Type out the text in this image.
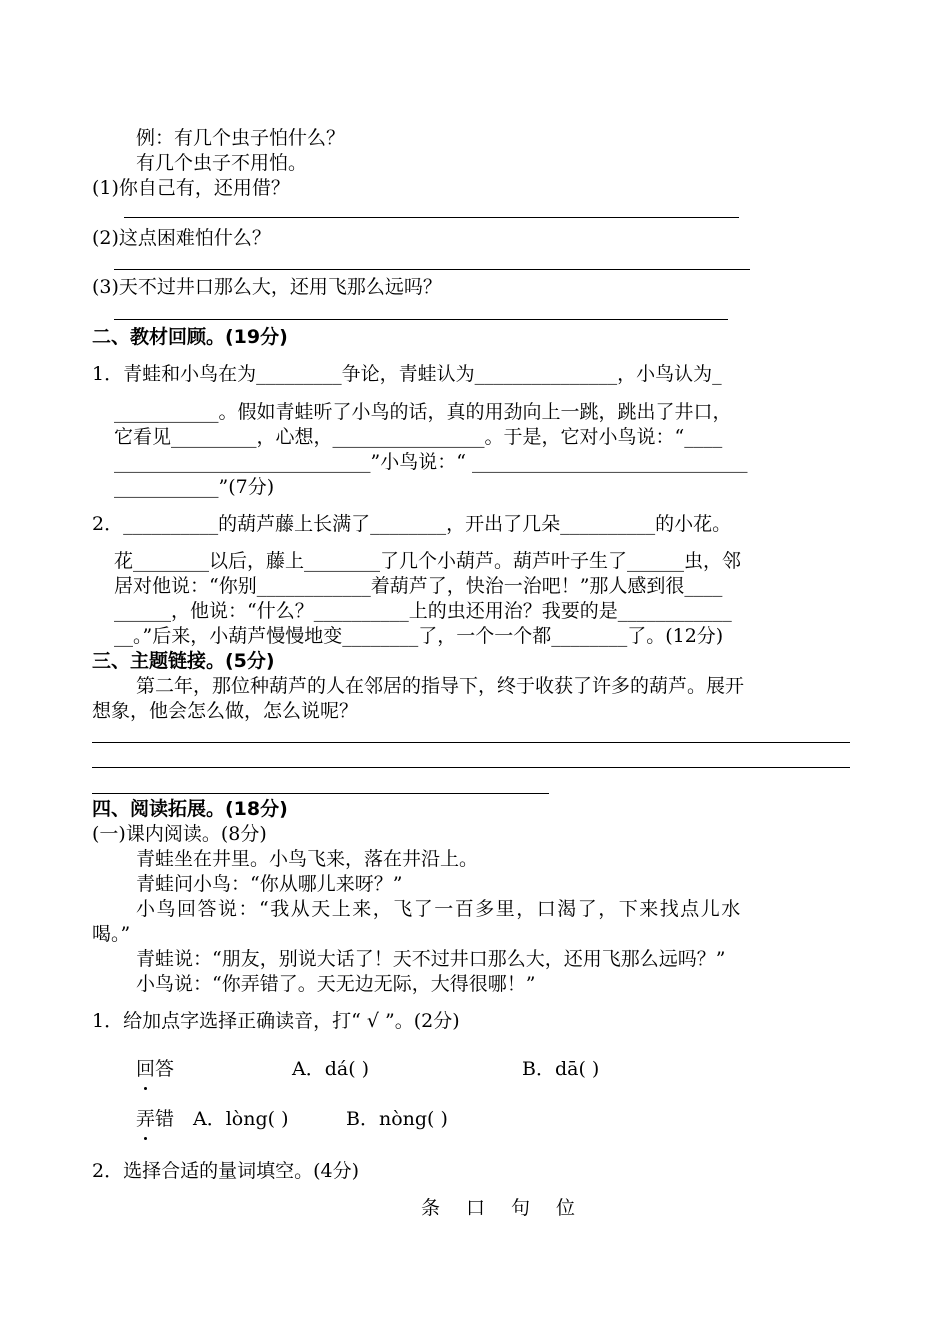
例：有几个虫子怕什么？
有几个虫子不用怕。
(1)你自己有，还用借？
(2)这点困难怕什么？
(3)天不过井口那么大，还用飞那么远吗？
二、教材回顾。(19分)
1．青蛙和小鸟在为_________争论，青蛙认为_______________，小鸟认为_
___________。假如青蛙听了小鸟的话，真的用劲向上一跳，跳出了井口，
它看见_________，心想，________________。于是，它对小鸟说：“____
___________________________”小鸟说：“ _____________________________
___________”(7分)
2．__________的葫芦藤上长满了________，开出了几朵__________的小花。
花________以后，藤上________了几个小葫芦。葫芦叶子生了______虫，邻
居对他说：“你别____________着葫芦了，快治一治吧！”那人感到很____
______，他说：“什么？__________上的虫还用治？我要的是____________
__。”后来，小葫芦慢慢地变________了，一个一个都________了。(12分)
三、主题链接。(5分)
第二年，那位种葫芦的人在邻居的指导下，终于收获了许多的葫芦。展开
想象，他会怎么做，怎么说呢？
四、阅读拓展。(18分)
(一)课内阅读。(8分)
青蛙坐在井里。小鸟飞来，落在井沿上。
青蛙问小鸟：“你从哪儿来呀？”
小鸟回答说：“我从天上来，飞了一百多里，口渴了，下来找点儿水
喝。”
青蛙说：“朋友，别说大话了！天不过井口那么大，还用飞那么远吗？”
小鸟说：“你弄错了。天无边无际，大得很哪！”
1．给加点字选择正确读音，打“ √ ”。(2分)
回答	A．dá( )	B．dā( )
弄错 A．lòng( )	B．nòng( )
2．选择合适的量词填空。(4分)
条口句位
